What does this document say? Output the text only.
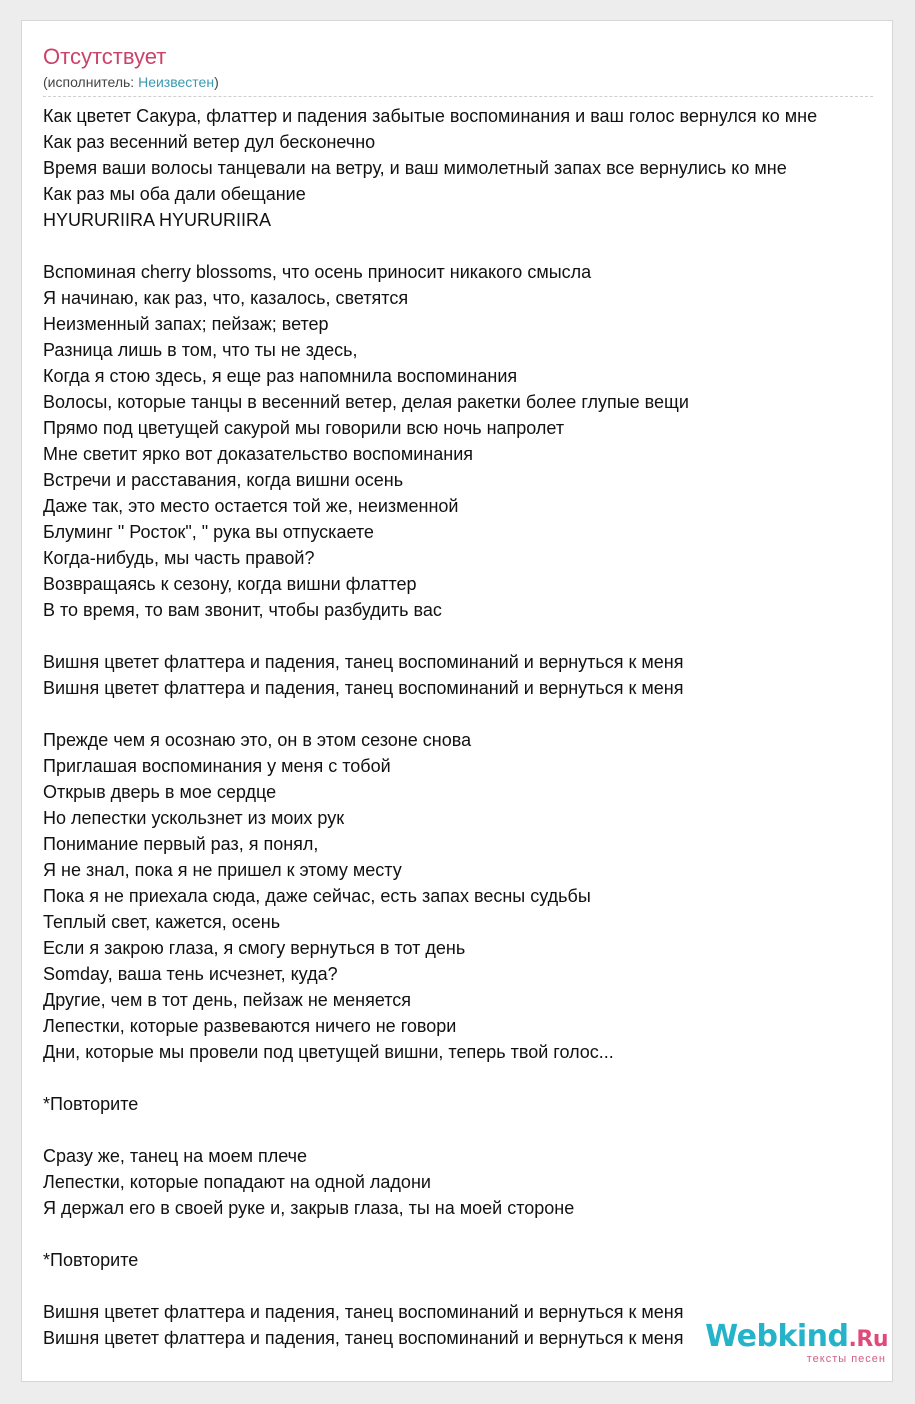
Отсутствует
(исполнитель: Неизвестен)
Как цветет Сакура, флаттер и падения забытые воспоминания и ваш голос вернулся ко мне
Как раз весенний ветер дул бесконечно
Время ваши волосы танцевали на ветру, и ваш мимолетный запах все вернулись ко мне
Как раз мы оба дали обещание
HYURURIIRA HYURURIIRA
Вспоминая cherry blossoms, что осень приносит никакого смысла
Я начинаю, как раз, что, казалось, светятся
Неизменный запах; пейзаж; ветер
Разница лишь в том, что ты не здесь,
Когда я стою здесь, я еще раз напомнила воспоминания
Волосы, которые танцы в весенний ветер, делая ракетки более глупые вещи
Прямо под цветущей сакурой мы говорили всю ночь напролет
Мне светит ярко вот доказательство воспоминания
Встречи и расставания, когда вишни осень
Даже так, это место остается той же, неизменной
Блуминг " Росток", " рука вы отпускаете
Когда-нибудь, мы часть правой?
Возвращаясь к сезону, когда вишни флаттер
В то время, то вам звонит, чтобы разбудить вас
Вишня цветет флаттера и падения, танец воспоминаний и вернуться к меня
Вишня цветет флаттера и падения, танец воспоминаний и вернуться к меня
Прежде чем я осознаю это, он в этом сезоне снова
Приглашая воспоминания у меня с тобой
Открыв дверь в мое сердце
Но лепестки ускользнет из моих рук
Понимание первый раз, я понял,
Я не знал, пока я не пришел к этому месту
Пока я не приехала сюда, даже сейчас, есть запах весны судьбы
Теплый свет, кажется, осень
Если я закрою глаза, я смогу вернуться в тот день
Somday, ваша тень исчезнет, куда?
Другие, чем в тот день, пейзаж не меняется
Лепестки, которые развеваются ничего не говори
Дни, которые мы провели под цветущей вишни, теперь твой голос...
*Повторите
Сразу же, танец на моем плече
Лепестки, которые попадают на одной ладони
Я держал его в своей руке и, закрыв глаза, ты на моей стороне
*Повторите
Вишня цветет флаттера и падения, танец воспоминаний и вернуться к меня
Вишня цветет флаттера и падения, танец воспоминаний и вернуться к меня Webkind.Ru
тексты песен
